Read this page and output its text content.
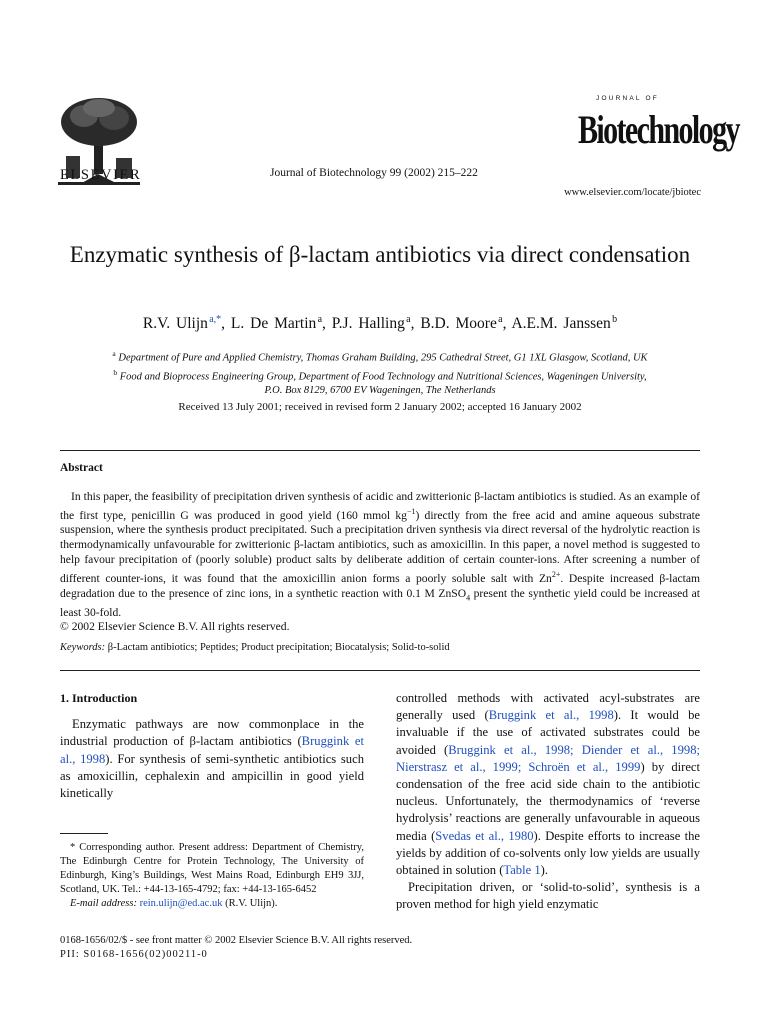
ELSEVIER	Journal of Biotechnology 99 (2002) 215–222
JOURNAL OF
Biotechnology
www.elsevier.com/locate/jbiotec
Enzymatic synthesis of β-lactam antibiotics via direct condensation
R.V. Ulijn $^{a,*}$, L. De Martin $^a$, P.J. Halling $^a$, B.D. Moore $^a$, A.E.M. Janssen $^b$
$^a$ Department of Pure and Applied Chemistry, Thomas Graham Building, 295 Cathedral Street, G1 1XL Glasgow, Scotland, UK
$^b$ Food and Bioprocess Engineering Group, Department of Food Technology and Nutritional Sciences, Wageningen University,
P.O. Box 8129, 6700 EV Wageningen, The Netherlands
Received 13 July 2001; received in revised form 2 January 2002; accepted 16 January 2002
Abstract

In this paper, the feasibility of precipitation driven synthesis of acidic and zwitterionic β-lactam antibiotics is studied. As an example of the first type, penicillin G was produced in good yield (160 mmol $kg^{-1}$) directly from the free acid and amine aqueous substrate suspension, where the synthesis product precipitated. Such a precipitation driven synthesis via direct reversal of the hydrolytic reaction is thermodynamically unfavourable for zwitterionic β-lactam antibiotics, such as amoxicillin. In this paper, a novel method is suggested to help favour precipitation of (poorly soluble) product salts by deliberate addition of certain counter-ions. After screening a number of different counter-ions, it was found that the amoxicillin anion forms a poorly soluble salt with $Zn^{2+}$. Despite increased β-lactam degradation due to the presence of zinc ions, in a synthetic reaction with 0.1 M ZnSO$_4$ present the synthetic yield could be increased at least 30-fold.

© 2002 Elsevier Science B.V. All rights reserved.

Keywords: β-Lactam antibiotics; Peptides; Product precipitation; Biocatalysis; Solid-to-solid

1. Introduction

Enzymatic pathways are now commonplace in the industrial production of β-lactam antibiotics (Bruggink et al., 1998). For synthesis of semi-synthetic antibiotics such as amoxicillin, cephalexin and ampicillin in good yield kinetically

* Corresponding author. Present address: Department of Chemistry, The Edinburgh Centre for Protein Technology, The University of Edinburgh, King’s Buildings, West Mains Road, Edinburgh EH9 3JJ, Scotland, UK. Tel.: +44-13-165-4792; fax: +44-13-165-6452

E-mail address: rein.ulijn@ed.ac.uk (R.V. Ulijn).

controlled methods with activated acyl-substrates are generally used (Bruggink et al., 1998). It would be invaluable if the use of activated substrates could be avoided (Bruggink et al., 1998; Diender et al., 1998; Nierstrasz et al., 1999; Schroën et al., 1999) by direct condensation of the free acid side chain to the antibiotic nucleus. Unfortunately, the thermodynamics of ‘reverse hydrolysis’ reactions are generally unfavourable in aqueous media (Svedas et al., 1980). Despite efforts to increase the yields by addition of co-solvents only low yields are usually obtained in solution (Table 1).

Precipitation driven, or ‘solid-to-solid’, synthesis is a proven method for high yield enzymatic

0168-1656/02/$ - see front matter © 2002 Elsevier Science B.V. All rights reserved.

PII: S0168-1656(02)00211-0
